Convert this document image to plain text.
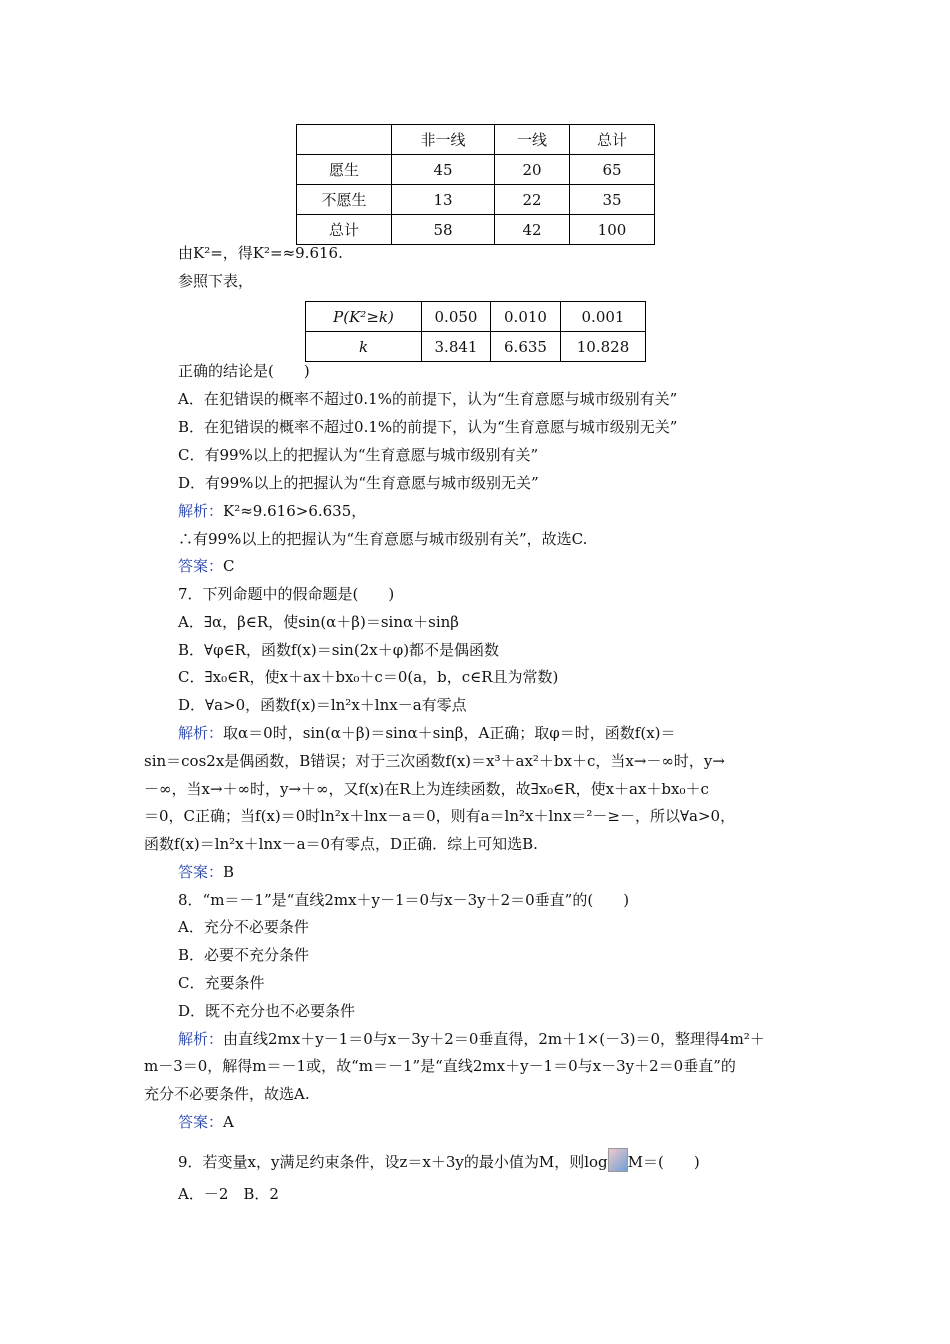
	非一线	一线	总计
愿生	45	20	65
不愿生	13	22	35
总计	58	42	100
由K²=，得K²=≈9.616.
参照下表，
P(K²≥k)	0.050	0.010	0.001
k	3.841	6.635	10.828
正确的结论是(　　)
A．在犯错误的概率不超过0.1%的前提下，认为“生育意愿与城市级别有关”
B．在犯错误的概率不超过0.1%的前提下，认为“生育意愿与城市级别无关”
C．有99%以上的把握认为“生育意愿与城市级别有关”
D．有99%以上的把握认为“生育意愿与城市级别无关”
解析：K²≈9.616>6.635，
∴有99%以上的把握认为“生育意愿与城市级别有关”，故选C.
答案：C
7．下列命题中的假命题是(　　)
A．∃α，β∈R，使sin(α＋β)＝sinα＋sinβ
B．∀φ∈R，函数f(x)＝sin(2x＋φ)都不是偶函数
C．∃x₀∈R，使x＋ax＋bx₀＋c＝0(a，b，c∈R且为常数)
D．∀a>0，函数f(x)＝ln²x＋lnx－a有零点
解析：取α＝0时，sin(α＋β)＝sinα＋sinβ，A正确；取φ＝时，函数f(x)＝
sin＝cos2x是偶函数，B错误；对于三次函数f(x)＝x³＋ax²＋bx＋c，当x→－∞时，y→
－∞，当x→＋∞时，y→＋∞，又f(x)在R上为连续函数，故∃x₀∈R，使x＋ax＋bx₀＋c
＝0，C正确；当f(x)＝0时ln²x＋lnx－a＝0，则有a＝ln²x＋lnx＝²－≥－，所以∀a>0，
函数f(x)＝ln²x＋lnx－a＝0有零点，D正确．综上可知选B.
答案：B
8．“m＝－1”是“直线2mx＋y－1＝0与x－3y＋2＝0垂直”的(　　)
A．充分不必要条件
B．必要不充分条件
C．充要条件
D．既不充分也不必要条件
解析：由直线2mx＋y－1＝0与x－3y＋2＝0垂直得，2m＋1×(－3)＝0，整理得4m²＋
m－3＝0，解得m＝－1或，故“m＝－1”是“直线2mx＋y－1＝0与x－3y＋2＝0垂直”的
充分不必要条件，故选A.
答案：A
9．若变量x，y满足约束条件，设z＝x＋3y的最小值为M，则log M＝(　　)
A．－2　B．2
